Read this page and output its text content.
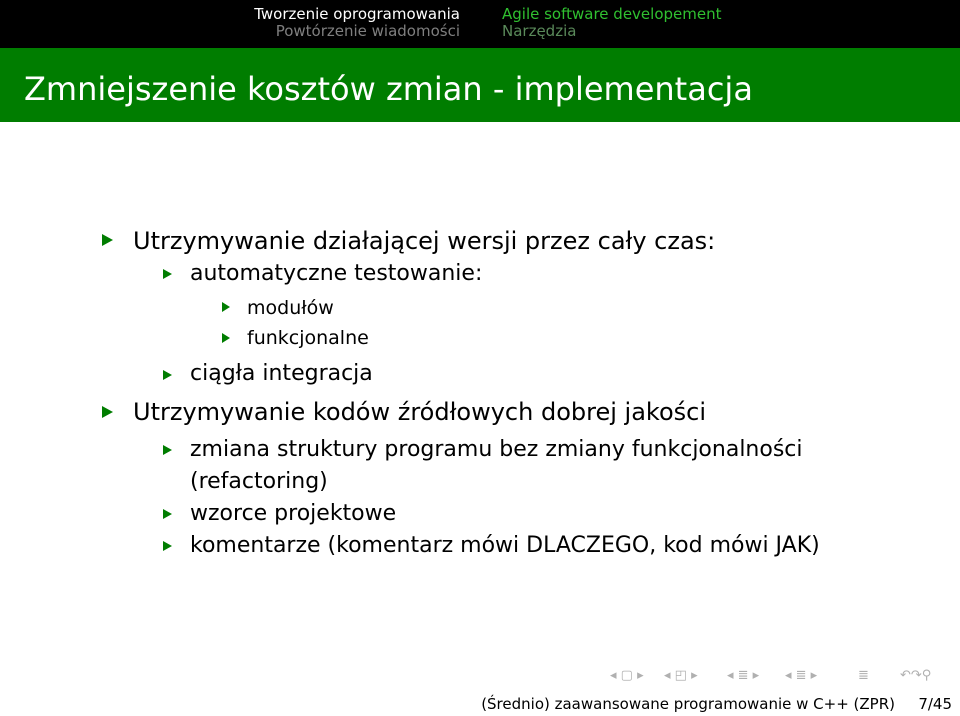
Tworzenie oprogramowania
Powtórzenie wiadomości
Agile software developement
Narzędzia
Zmniejszenie kosztów zmian - implementacja
Utrzymywanie działającej wersji przez cały czas:
automatyczne testowanie:
modułów
funkcjonalne
ciągła integracja
Utrzymywanie kodów źródłowych dobrej jakości
zmiana struktury programu bez zmiany funkcjonalności
(refactoring)
wzorce projektowe
komentarze (komentarz mówi DLACZEGO, kod mówi JAK)
◂ ▢ ▸ ◂ ◰ ▸ ◂ ≣ ▸ ◂ ≣ ▸	≣ ↶↷⚲
(Średnio) zaawansowane programowanie w C++ (ZPR) 7/45
